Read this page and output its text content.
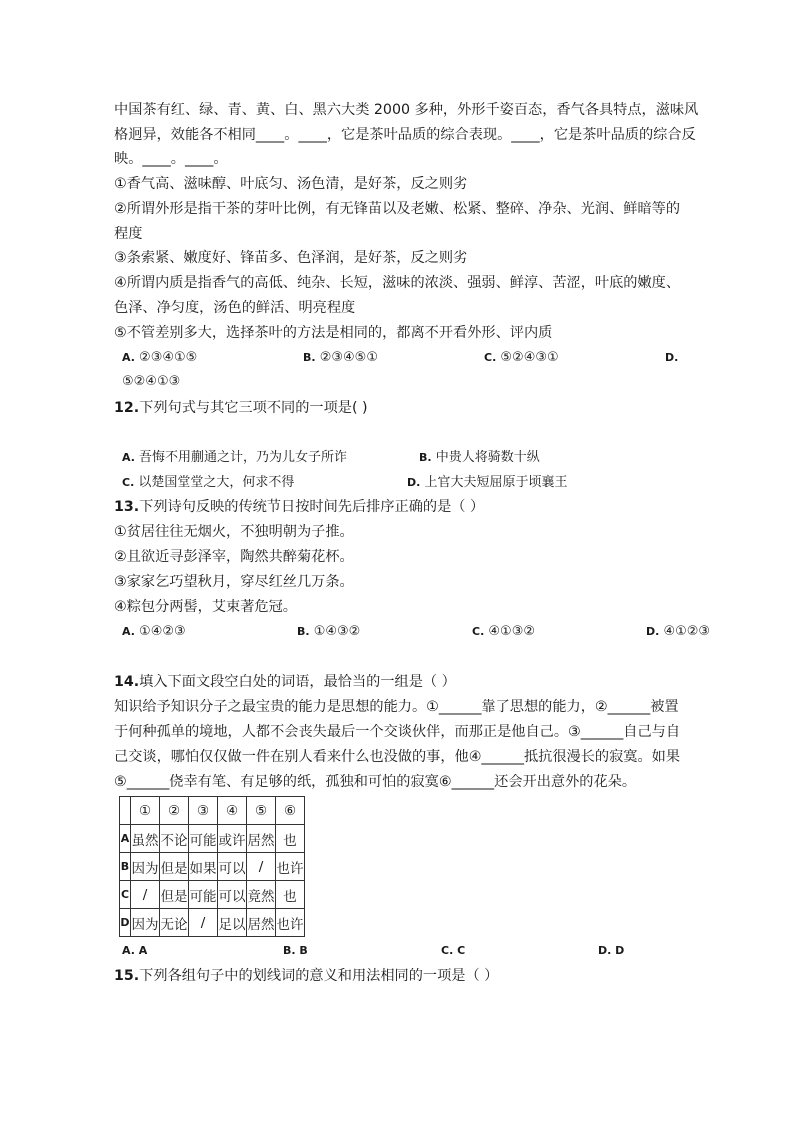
中国茶有红、绿、青、黄、白、黑六大类 2000 多种，外形千姿百态，香气各具特点，滋味风
格迥异，效能各不相同____。____，它是茶叶品质的综合表现。____，它是茶叶品质的综合反
映。____。____。
①香气高、滋味醇、叶底匀、汤色清，是好茶，反之则劣
②所谓外形是指干茶的芽叶比例，有无锋苗以及老嫩、松紧、整碎、净杂、光润、鲜暗等的
程度
③条索紧、嫩度好、锋苗多、色泽润，是好茶，反之则劣
④所谓内质是指香气的高低、纯杂、长短，滋味的浓淡、强弱、鲜淳、苦涩，叶底的嫩度、
色泽、净匀度，汤色的鲜活、明亮程度
⑤不管差别多大，选择茶叶的方法是相同的，都离不开看外形、评内质
A. ②③④①⑤	B. ②③④⑤①	C. ⑤②④③①	D.
⑤②④①③
12.下列句式与其它三项不同的一项是( )
A. 吾悔不用蒯通之计，乃为儿女子所诈	B. 中贵人将骑数十纵
C. 以楚国堂堂之大，何求不得	D. 上官大夫短屈原于顷襄王
13.下列诗句反映的传统节日按时间先后排序正确的是（ ）
①贫居往往无烟火，不独明朝为子推。
②且欲近寻彭泽宰，陶然共醉菊花杯。
③家家乞巧望秋月，穿尽红丝几万条。
④粽包分两髻，艾束著危冠。
A. ①④②③	B. ①④③②	C. ④①③②	D. ④①②③
14.填入下面文段空白处的词语，最恰当的一组是（ ）
知识给予知识分子之最宝贵的能力是思想的能力。①______靠了思想的能力，②______被置
于何种孤单的境地，人都不会丧失最后一个交谈伙伴，而那正是他自己。③______自己与自
己交谈，哪怕仅仅做一件在别人看来什么也没做的事，他④______抵抗很漫长的寂寞。如果
⑤______侥幸有笔、有足够的纸，孤独和可怕的寂寞⑥______还会开出意外的花朵。
	①	②	③	④	⑤	⑥
A	虽然	不论	可能	或许	居然	也
B	因为	但是	如果	可以	/	也许
C	/	但是	可能	可以	竟然	也
D	因为	无论	/	足以	居然	也许
A. A	B. B	C. C	D. D
15.下列各组句子中的划线词的意义和用法相同的一项是（ ）
